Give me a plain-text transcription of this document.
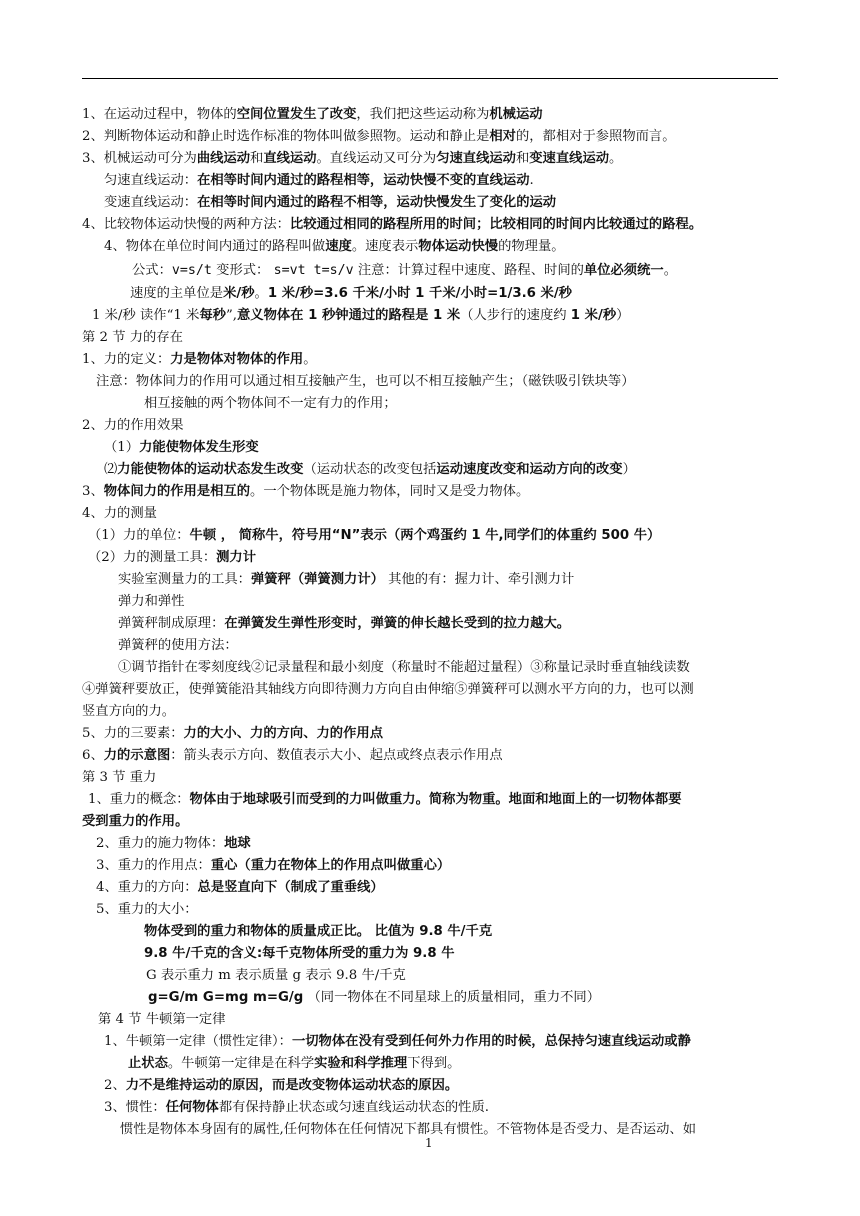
1、在运动过程中，物体的空间位置发生了改变，我们把这些运动称为机械运动
2、判断物体运动和静止时选作标准的物体叫做参照物。运动和静止是相对的，都相对于参照物而言。
3、机械运动可分为曲线运动和直线运动。直线运动又可分为匀速直线运动和变速直线运动。
匀速直线运动：在相等时间内通过的路程相等，运动快慢不变的直线运动.
变速直线运动：在相等时间内通过的路程不相等，运动快慢发生了变化的运动
4、比较物体运动快慢的两种方法：比较通过相同的路程所用的时间；比较相同的时间内比较通过的路程。
4、物体在单位时间内通过的路程叫做速度。速度表示物体运动快慢的物理量。
公式：v=s/t 变形式： s=vt t=s/v 注意：计算过程中速度、路程、时间的单位必须统一。
速度的主单位是米/秒。1 米/秒=3.6 千米/小时 1 千米/小时=1/3.6 米/秒
1 米/秒 读作“1 米每秒”,意义物体在 1 秒钟通过的路程是 1 米（人步行的速度约 1 米/秒）
第 2 节 力的存在
1、力的定义：力是物体对物体的作用。
注意：物体间力的作用可以通过相互接触产生，也可以不相互接触产生；（磁铁吸引铁块等）
相互接触的两个物体间不一定有力的作用；
2、力的作用效果
（1）力能使物体发生形变
⑵力能使物体的运动状态发生改变（运动状态的改变包括运动速度改变和运动方向的改变）
3、物体间力的作用是相互的。一个物体既是施力物体，同时又是受力物体。
4、力的测量
（1）力的单位：牛顿 ， 简称牛，符号用“N”表示（两个鸡蛋约 1 牛,同学们的体重约 500 牛）
（2）力的测量工具：测力计
实验室测量力的工具：弹簧秤（弹簧测力计） 其他的有：握力计、牵引测力计
弹力和弹性
弹簧秤制成原理：在弹簧发生弹性形变时，弹簧的伸长越长受到的拉力越大。
弹簧秤的使用方法：
①调节指针在零刻度线②记录量程和最小刻度（称量时不能超过量程）③称量记录时垂直轴线读数
④弹簧秤要放正，使弹簧能沿其轴线方向即待测力方向自由伸缩⑤弹簧秤可以测水平方向的力，也可以测
竖直方向的力。
5、力的三要素：力的大小、力的方向、力的作用点
6、力的示意图：箭头表示方向、数值表示大小、起点或终点表示作用点
第 3 节 重力
1、重力的概念：物体由于地球吸引而受到的力叫做重力。简称为物重。地面和地面上的一切物体都要
受到重力的作用。
2、重力的施力物体：地球
3、重力的作用点：重心（重力在物体上的作用点叫做重心）
4、重力的方向：总是竖直向下（制成了重垂线）
5、重力的大小：
物体受到的重力和物体的质量成正比。 比值为 9.8 牛/千克
9.8 牛/千克的含义:每千克物体所受的重力为 9.8 牛
G 表示重力 m 表示质量 g 表示 9.8 牛/千克
g=G/m G=mg m=G/g （同一物体在不同星球上的质量相同，重力不同）
第 4 节 牛顿第一定律
1、牛顿第一定律（惯性定律）：一切物体在没有受到任何外力作用的时候，总保持匀速直线运动或静
止状态。牛顿第一定律是在科学实验和科学推理下得到。
2、力不是维持运动的原因，而是改变物体运动状态的原因。
3、惯性：任何物体都有保持静止状态或匀速直线运动状态的性质.
惯性是物体本身固有的属性,任何物体在任何情况下都具有惯性。不管物体是否受力、是否运动、如
1
